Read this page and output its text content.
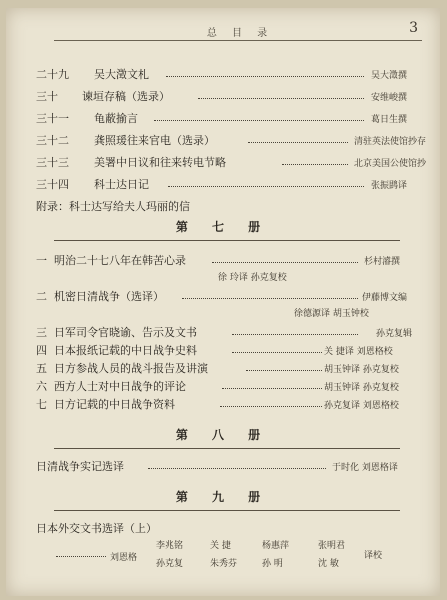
总 目 录	3
二十九 吴大澂文札	吴大澂撰
三十 谏垣存稿（选录）	安维峻撰
三十一 龟蔽揄言	葛日生撰
三十二 龚照瑗往来官电（选录）	清驻英法使馆抄存
三十三 美署中日议和往来转电节略	北京美国公使馆抄
三十四 科士达日记	张振鹍译
附录：科士达写给夫人玛丽的信
第 七 册
一 明治二十七八年在韩苦心录	杉村濬撰
徐 玲译 孙克复校
二 机密日清战争（选译）	伊藤博文编
徐德源译 胡玉钟校
三 日军司令官晓谕、告示及文书	孙克复辑
四 日本报纸记载的中日战争史料	关 捷译 刘恩格校
五 日方参战人员的战斗报告及讲演	胡玉钟译 孙克复校
六 西方人士对中日战争的评论	胡玉钟译 孙克复校
七 日方记载的中日战争资料	孙克复译 刘恩格校
第 八 册
日清战争实记选译	于时化 刘恩格译
第 九 册
日本外交文书选译（上）
刘恩格
李兆铭	关 捷	杨惠萍	张明君
孙克复	朱秀芬	孙 明	沈 敏
译校
